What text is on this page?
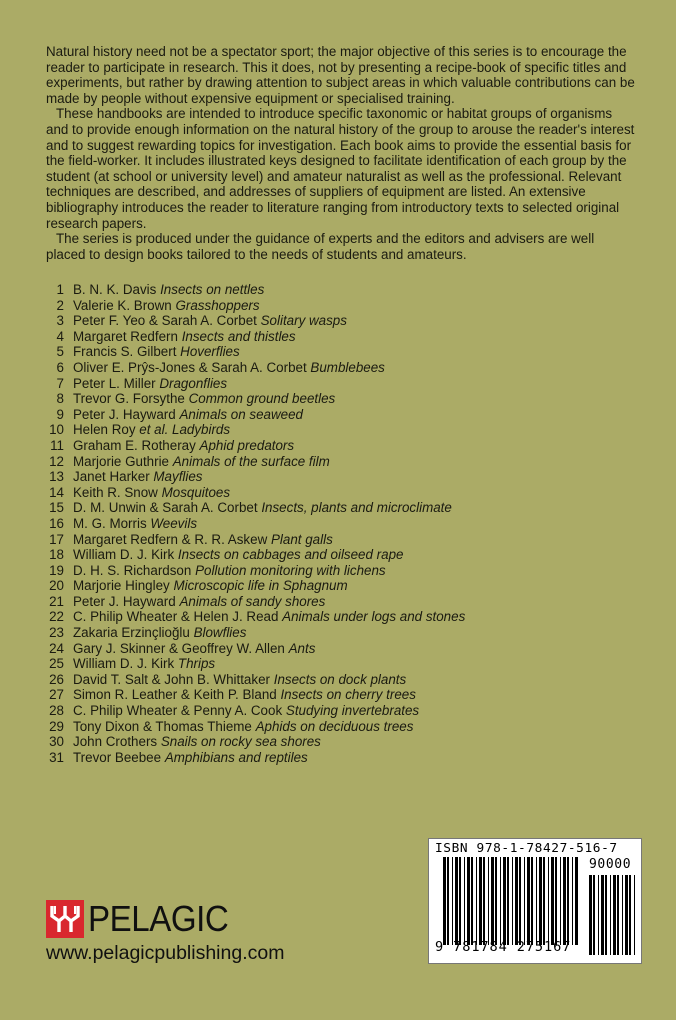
Natural history need not be a spectator sport; the major objective of this series is to encourage the reader to participate in research. This it does, not by presenting a recipe-book of specific titles and experiments, but rather by drawing attention to subject areas in which valuable contributions can be made by people without expensive equipment or specialised training.

These handbooks are intended to introduce specific taxonomic or habitat groups of organisms and to provide enough information on the natural history of the group to arouse the reader's interest and to suggest rewarding topics for investigation. Each book aims to provide the essential basis for the field-worker. It includes illustrated keys designed to facilitate identification of each group by the student (at school or university level) and amateur naturalist as well as the professional. Relevant techniques are described, and addresses of suppliers of equipment are listed. An extensive bibliography introduces the reader to literature ranging from introductory texts to selected original research papers.

The series is produced under the guidance of experts and the editors and advisers are well placed to design books tailored to the needs of students and amateurs.

1 B. N. K. Davis Insects on nettles
2 Valerie K. Brown Grasshoppers
3 Peter F. Yeo & Sarah A. Corbet Solitary wasps
4 Margaret Redfern Insects and thistles
5 Francis S. Gilbert Hoverflies
6 Oliver E. Prŷs-Jones & Sarah A. Corbet Bumblebees
7 Peter L. Miller Dragonflies
8 Trevor G. Forsythe Common ground beetles
9 Peter J. Hayward Animals on seaweed
10 Helen Roy et al. Ladybirds
11 Graham E. Rotheray Aphid predators
12 Marjorie Guthrie Animals of the surface film
13 Janet Harker Mayflies
14 Keith R. Snow Mosquitoes
15 D. M. Unwin & Sarah A. Corbet Insects, plants and microclimate
16 M. G. Morris Weevils
17 Margaret Redfern & R. R. Askew Plant galls
18 William D. J. Kirk Insects on cabbages and oilseed rape
19 D. H. S. Richardson Pollution monitoring with lichens
20 Marjorie Hingley Microscopic life in Sphagnum
21 Peter J. Hayward Animals of sandy shores
22 C. Philip Wheater & Helen J. Read Animals under logs and stones
23 Zakaria Erzinçlioğlu Blowflies
24 Gary J. Skinner & Geoffrey W. Allen Ants
25 William D. J. Kirk Thrips
26 David T. Salt & John B. Whittaker Insects on dock plants
27 Simon R. Leather & Keith P. Bland Insects on cherry trees
28 C. Philip Wheater & Penny A. Cook Studying invertebrates
29 Tony Dixon & Thomas Thieme Aphids on deciduous trees
30 John Crothers Snails on rocky sea shores
31 Trevor Beebee Amphibians and reptiles
PELAGIC
www.pelagicpublishing.com
ISBN 978-1-78427-516-7
90000
9 781784 275167
